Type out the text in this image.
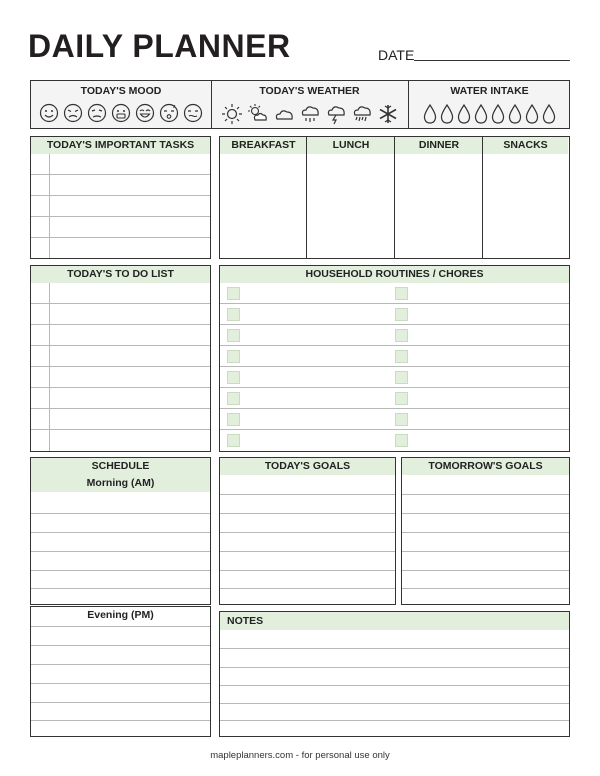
DAILY PLANNER	DATE
TODAY'S MOOD
z
TODAY'S WEATHER	WATER INTAKE
TODAY'S IMPORTANT TASKS	BREAKFAST	LUNCH	DINNER	SNACKS
TODAY'S TO DO LIST	HOUSEHOLD ROUTINES / CHORES
SCHEDULE
Morning (AM)
TODAY'S GOALS	TOMORROW'S GOALS
Evening (PM)	NOTES
mapleplanners.com - for personal use only
